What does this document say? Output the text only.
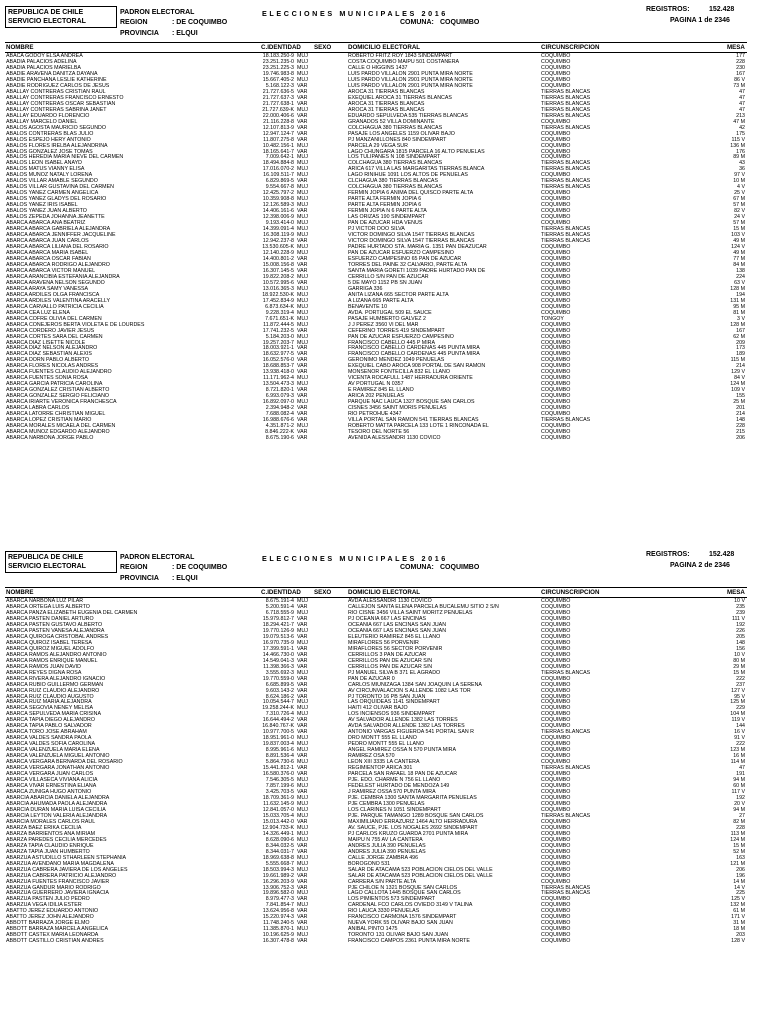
REPUBLICA DE CHILE
SERVICIO ELECTORAL
PADRON ELECTORAL
REGION	: DE COQUIMBO
PROVINCIA : ELQUI
ELECCIONES MUNICIPALES 2016
COMUNA: COQUIMBO
REGISTROS:	152.428
PAGINA 1 de 2346
NOMBRE	C.IDENTIDAD SEXO	DOMICILIO ELECTORAL	CIRCUNSCRIPCION	MESA
ABACA GODOY ELSA ANDREA	18.183.250-9 MUJ	ROBERTO FRITZ ROY 1843 SINDEMPART	COQUIMBO	177
ABADIA PALACIOS ADELINA	23.251.235-0 MUJ	COSTA COQUIMBO MAIPU 501 COSTANERA	COQUIMBO	228
ABADIA PALACIOS MARIELBA	23.251.225-3 MUJ	CALLE O HIGGINS 1437	COQUIMBO	230
ABADIE ARAVENA DANITZA DAYANA	19.746.983-8 MUJ	LUIS PARDO VILLALON 2901 PUNTA MIRA NORTE	COQUIMBO	167
ABADIE PANCHANA LESLIE KATHERINE	15.667.405-2 MUJ	LUIS PARDO VILLALON 2901 PUNTA MIRA NORTE	COQUIMBO	86 V
ABADIE RODRIGUEZ CARLOS DE JESUS	5.168.122-3 VAR	LUIS PARDO VILLALON 2901 PUNTA MIRA NORTE	COQUIMBO	73 M
ABALLAY CONTRERAS CRISTIAN RAUL	21.727.636-5 VAR	AROCA 31 TIERRAS BLANCAS	TIERRAS BLANCAS	47
ABALLAY CONTRERAS FRANCISCO ERNESTO	21.727.637-3 VAR	EXEQUIEL AROCA 31 TIERRAS BLANCAS	TIERRAS BLANCAS	47
ABALLAY CONTRERAS OSCAR SEBASTIAN	21.727.638-1 VAR	AROCA 31 TIERRAS BLANCAS	TIERRAS BLANCAS	47
ABALLAY CONTRERAS SABRINA JANET	21.727.639-K MUJ	AROCA 31 TIERRAS BLANCAS	TIERRAS BLANCAS	47
ABALLAY EDUARDO FLORENCIO	22.000.406-6 VAR	EDUARDO SEPULVEDA 535 TIERRAS BLANCAS	TIERRAS BLANCAS	213
ABALLAY MARCELO DANIEL	21.116.228-8 VAR	GRANADOS 52 VILLA DOMINANTE	COQUIMBO	47 M
ABALOS AGOSTA MAURICIO SEGUNDO	12.107.813-9 VAR	COLCHAGUA 380 TIERRAS BLANCAS	TIERRAS BLANCAS	42
ABALOS CONTRERAS BLAS JULIO	12.947.124-7 VAR	PASAJE LOS ANGELES 1159 OLIVAR BAJO	COQUIMBO	175
ABALOS ESPEJO HERY ANTONIO	11.807.275-8 VAR	PJ MANZANILLONES 840 SINDEMPART	COQUIMBO	115 V
ABALOS FLORES IRELBA ALEJANDRINA	10.482.156-1 MUJ	PARCELA 29 VEGA SUR	COQUIMBO	136 M
ABALOS GONZALEZ JOSE TOMAS	18.165.641-7 VAR	LAGO CHUNGARA 1815 PARCELA 16 ALTO PEÑUELAS	COQUIMBO	176
ABALOS HEREDIA MARIA NIEVE DEL CARMEN	7.009.642-1 MUJ	LOS TULIPANES N 108 SINDEMPART	COQUIMBO	89 M
ABALOS LEON ISABEL ANAYD	18.494.884-8 MUJ	COLCHAGUA 380 TIERRAS BLANCAS	TIERRAS BLANCAS	43
ABALOS MATUS VIANNY ELISA	17.016.070-2 MUJ	ARICA 617 VILLA LAS MARGARITAS TIERRAS BLANCA	TIERRAS BLANCAS	36
ABALOS MUÑOZ NATALY LORENA	16.109.511-7 MUJ	LAGO RIÑIHUE 1091 LOS ALTOS DE PEÑUELAS	COQUIMBO	97 V
ABALOS VILLAR AMABLE SEGUNDO	6.829.869-5 VAR	CLCHAGUA 380 TIERRAS BLANCAS	TIERRAS BLANCAS	10 M
ABALOS VILLAR GUSTAVINA DEL CARMEN	9.554.667-8 MUJ	COLCHAGUA 380 TIERRAS BLANCAS	TIERRAS BLANCAS	4 V
ABALOS YAÑEZ CARMEN ANGELICA	12.425.797-2 MUJ	FERMIN JOPIA 6 ANIMA DEL QUISCO PARTE ALTA	COQUIMBO	25 V
ABALOS YAÑEZ GLADYS DEL ROSARIO	10.359.908-8 MUJ	PARTE ALTA FERMIN JOPIA 6	COQUIMBO	67 M
ABALOS YAÑEZ IRIS ISABEL	12.126.589-3 MUJ	PARTE ALTA FERMIN JOPIA 6	COQUIMBO	57 M
ABALOS YAÑEZ JUAN ALBERTO	14.406.161-6 VAR	FERMIN JOPIA N 6 PARTE ALTA	COQUIMBO	82 V
ABALOS ZEPEDA JOHANNA JEANETTE	12.398.006-9 MUJ	LAS ORIZAS 190 SINDEMPART	COQUIMBO	24 V
ABARCA ABARCA ANA BEATRIZ	9.193.414-0 MUJ	PAN DE AZUCAR HDA VENUS	COQUIMBO	57 M
ABARCA ABARCA GABRIELA ALEJANDRA	14.399.091-4 MUJ	PJ VICTOR DOO SILVA	TIERRAS BLANCAS	15 M
ABARCA ABARCA JENNIFFER JACQUELINE	16.308.119-9 MUJ	VICTOR DOMINGO SILVA 1547 TIERRAS BLANCAS	TIERRAS BLANCAS	103 V
ABARCA ABARCA JUAN CARLOS	12.942.237-8 VAR	VICTOR DOMINGO SILVA 1547 TIERRAS BLANCAS	TIERRAS BLANCAS	49 M
ABARCA ABARCA LILIANA DEL ROSARIO	13.530.605-K MUJ	PADRE HURTADO STA. MARIA G. 1351 PAN DEAZUCAR	COQUIMBO	124 V
ABARCA ABARCA MARIA ISABEL	12.140.228-9 MUJ	PAN DE AZUCAR ESFUERZO CAMPESINO	COQUIMBO	49 M
ABARCA ABARCA OSCAR FABIAN	14.400.801-2 VAR	ESFUERZO CAMPESINO 65 PAN DE AZUCAR	COQUIMBO	77 M
ABARCA ABARCA RODRIGO ALEJANDRO	15.008.156-8 VAR	TORRES DEL PAINE 32 CALVARIO, PARTE ALTA	COQUIMBO	84 M
ABARCA ABARCA VICTOR MANUEL	16.307.145-5 VAR	SANTA MARIA GORETI 1039 PADRE HURTADO PAN DE	COQUIMBO	138
ABARCA ARANCIBIA ESTEFANIA ALEJANDRA	19.822.208-2 MUJ	CERRILLO S/N PAN DE AZUCAR	COQUIMBO	224
ABARCA ARAVENA NELSON SEGUNDO	10.572.995-6 VAR	5 DE MAYO 1152 PB SN JUAN	COQUIMBO	63 V
ABARCA ARAYA SAMY VANESSA	13.016.365-3 MUJ	GARRIGA 336	COQUIMBO	128 M
ABARCA ARDILES OLGA FRANCISCA	18.922.530-K MUJ	ANITA LIZANA 665 SECTOR PARTE ALTA	COQUIMBO	194
ABARCA ARDILES VALENTINA ARACELLY	17.452.834-9 MUJ	A LIZANA 665 PARTE ALTA	COQUIMBO	131 M
ABARCA CARVALLO PATRICIA CECILIA	6.873.634-K MUJ	BENAVENTE 10	COQUIMBO	95 M
ABARCA CEA LUZ ELENA	9.228.319-4 MUJ	AVDA. PORTUGAL 509 EL SAUCE	COQUIMBO	81 M
ABARCA COFRE OLIVIA DEL CARMEN	7.671.651-K MUJ	PASAJE HUMBERTO GALVEZ 2	TONGOY	3 V
ABARCA CONEJEROS BERTA VIOLETA E DE LOURDES	11.872.444-5 MUJ	J J PEREZ 3560 VI DEL MAR	COQUIMBO	128 M
ABARCA CORDERO JAVIER JESUS	17.741.232-5 VAR	CEFERINO TORRES 419 SINDEMPART	COQUIMBO	167
ABARCA CORTES SARA DEL CARMEN	5.184.203-0 MUJ	PAN DE AZUCAR ESFUERZO CAMPESINO	COQUIMBO	62 M
ABARCA DIAZ LISETTE NICOLE	19.257.203-7 MUJ	FRANCISCO CABELLO 445 P MIRA	COQUIMBO	209
ABARCA DIAZ NELSON ALEJANDRO	18.003.921-1 VAR	FRANCISCO CABELLO CARDENAS 445 PUNTA MIRA	COQUIMBO	173
ABARCA DIAZ SEBASTIAN ALEXIS	18.632.977-5 VAR	FRANCISCO CABELLO CARDENAS 445 PUNTA MIRA	COQUIMBO	189
ABARCA DORN PABLO ALBERTO	16.052.576-0 VAR	GERONIMO MENDEZ 1049 PEÑUELAS	COQUIMBO	115 M
ABARCA FLORES NICOLAS ANDRES	18.688.853-7 VAR	EXEQUIEL CABO AROCA 908 PORTAL DE SAN RAMON	COQUIMBO	214
ABARCA FUENTES CLAUDIO ALEJANDRO	13.938.418-0 VAR	MONSEÑOR FONTECILLA 832 EL LLANO	COQUIMBO	129 V
ABARCA FUENTES SONIA ROSA	11.171.962-4 MUJ	VICENTA ROCAFULL 1487 HERRADURA ORIENTE	COQUIMBO	84 V
ABARCA GARCIA PATRICIA CAROLINA	13.504.473-3 MUJ	AV PORTUGAL N 0357	COQUIMBO	124 M
ABARCA GONZALEZ CRISTIAN ALBERTO	8.721.820-1 VAR	E RAMIREZ 845 EL LLANO	COQUIMBO	109 V
ABARCA GONZALEZ SERGIO FELICIANO	6.993.079-3 VAR	ARICA 202 PEÑUELAS	COQUIMBO	155
ABARCA IRIARTE VERONICA FRANCHESCA	16.892.097-0 MUJ	PARQUE NAC LAUCA 1327 BOSQUE SAN CARLOS	COQUIMBO	25 M
ABARCA LABRA CARLOS	2.394.948-2 VAR	CISNES 3456 SAINT MORIS PEÑUELAS	COQUIMBO	201
ABARCA LATORRE CHRISTIAN MIGUEL	7.688.082-4 VAR	RIO PETROHUE 4347	COQUIMBO	214
ABARCA LOPEZ CRISTIAN MARIO	16.988.676-6 VAR	VILLA PORTAL SAN RAMON 541 TIERRAS BLANCAS	TIERRAS BLANCAS	148
ABARCA MORALES MICAELA DEL CARMEN	4.351.871-2 MUJ	ROBERTO MATTA PARCELA 133 LOTE 1 RINCONADA EL	COQUIMBO	228
ABARCA MUÑOZ EDGARDO ALEJANDRO	8.846.222-K VAR	TESORO DEL NORTE 56	COQUIMBO	215
ABARCA NARBONA JORGE PABLO	8.675.190-6 VAR	AVENIDA ALESSANDRI 1130 COVICO	COQUIMBO	206
REPUBLICA DE CHILE
SERVICIO ELECTORAL
PADRON ELECTORAL
REGION	: DE COQUIMBO
PROVINCIA : ELQUI
ELECCIONES MUNICIPALES 2016
COMUNA: COQUIMBO
REGISTROS:	152.428
PAGINA 2 de 2346
NOMBRE	C.IDENTIDAD SEXO	DOMICILIO ELECTORAL	CIRCUNSCRIPCION	MESA
ABARCA NARBONA LUZ PILAR	8.675.191-4 MUJ	AVDA ALESSANDRI 1130 COVICO	COQUIMBO	10 V
ABARCA ORTEGA LUIS ALBERTO	5.200.591-4 VAR	CALLEJON SANTA ELENA PARCELA BUCALEMU SITIO 2 S/N	COQUIMBO	235
ABARCA PANZA ELIZABETH EUGENIA DEL CARMEN	6.718.555-9 MUJ	RIO CISNE 3456 VILLA SAINT MORITZ PEÑUELAS	COQUIMBO	239
ABARCA PASTEN DANIEL ARTURO	15.979.812-7 VAR	PJ OCEANIA 667 LAS ENCINAS	COQUIMBO	111 V
ABARCA PASTEN GUSTAVO ALBERTO	18.294.421-7 VAR	OCEANIA 667 LAS ENCINAS SAN JUAN	COQUIMBO	192
ABARCA PASTEN VANESA ALEJANDRA	19.770.126-9 MUJ	OCEANIA 667 LAS ENCINAS SAN JUAN	COQUIMBO	226
ABARCA QUIROGA CRISTOBAL ANDRES	19.079.513-6 VAR	ELEUTERIO RAMIREZ 845 EL LLANO	COQUIMBO	205
ABARCA QUIROZ ISABEL TERESA	16.970.735-9 MUJ	MIRAFLORES 56 PORVENIR	COQUIMBO	148
ABARCA QUIROZ MIGUEL ADOLFO	17.399.591-1 VAR	MIRAFLORES 56 SECTOR PORVENIR	COQUIMBO	156
ABARCA RAMOS ALEJANDRO ANTONIO	14.466.730-0 VAR	CERRILLOS 3 PAN DE AZUCAR	COQUIMBO	10 V
ABARCA RAMOS ENRIQUE MANUEL	14.549.041-3 VAR	CERRILLOS PAN DE AZUCAR S/N	COQUIMBO	80 M
ABARCA RAMOS JUAN DAVID	11.398.366-3 VAR	CERRILLOS PAN DE AZUCAR S/N	COQUIMBO	29 M
ABARCA REYES DIGNA ROSA	3.555.692-3 MUJ	PJ MANUEL SILVA B 371 EL AGRADO	TIERRAS BLANCAS	15 M
ABARCA RIVERA ALEJANDRO IGNACIO	19.770.559-0 VAR	PAN DE AZUCAR 0	COQUIMBO	222
ABARCA RUBIO GUILLERMO GERMAN	6.685.899-5 VAR	CARLOS MIUNIZAGA 1384 SAN JOAQUIN LA SERENA	COQUIMBO	237
ABARCA RUIZ CLAUDIO ALEJANDRO	9.603.143-2 VAR	AV CIRCUNVALACION S ALLENDE 1082 LAS TOR	COQUIMBO	127 V
ABARCA RUIZ CLAUDIO AUGUSTO	8.624.186-2 VAR	PJ TORONTO 16 PB SAN JUAN	COQUIMBO	95 V
ABARCA RUIZ MARIA ALEJANDRA	10.054.544-7 MUJ	LAS ORQUIDEAS 1141 SINDEMPART	COQUIMBO	125 M
ABARCA SEGOVIA NENEY MELISA	19.258.244-K MUJ	HAITI 412 OLIVAR BAJO	COQUIMBO	229
ABARCA SEPULVEDA MARIA CRISINA	7.310.726-4 MUJ	LOS INCIENSOS 936 SINDEMPART	COQUIMBO	104 M
ABARCA TAPIA DIEGO ALEJANDRO	16.644.494-2 VAR	AV SALVADOR ALLENDE 1382 LAS TORRES	COQUIMBO	119 V
ABARCA TAPIA PABLO SALVADOR	16.840.767-K VAR	AVDA SALVADOR ALLENDE 1382 LAS TORRES	COQUIMBO	144
ABARCA TORO JOSE ABRAHAM	10.977.700-5 VAR	ANTONIO VARGAS FIGUEROA 541 PORTAL SAN R	TIERRAS BLANCAS	16 V
ABARCA VALDES SANDRA PAOLA	18.951.961-0 MUJ	DRO MONTT 555 EL LLANO	COQUIMBO	91 V
ABARCA VALDES SOFIA CAROLINA	19.837.003-4 MUJ	PEDRO MONTT 555 EL LLANO	COQUIMBO	222
ABARCA VALENZUELA MARIA ELENA	8.995.961-6 MUJ	ANGEL RAMIREZ OSSA N 570 PUNTA MIRA	COQUIMBO	123 M
ABARCA VALENZUELA MIGUEL ANTONIO	8.891.536-4 VAR	RAMIREZ OSA 570	COQUIMBO	16 M
ABARCA VERGARA BERNARDA DEL ROSARIO	5.864.730-6 MUJ	LEON XIII 3335 LA CANTERA	COQUIMBO	114 M
ABARCA VERGARA JONATHAN ANTONIO	15.441.812-1 VAR	REGIMIENTOP ARICA 301	TIERRAS BLANCAS	47
ABARCA VERGARA JUAN CARLOS	16.580.376-0 VAR	PARCELA SAN RAFAEL 18 PAN DE AZUCAR	COQUIMBO	191
ABARCA VILLASECA VIVIANA ALICIA	7.546.305-5 MUJ	PJE. EDO. CHARME N 756 EL LLANO	COQUIMBO	94 M
ABARCA VIVAR ERNESTINA ELIANA	7.857.199-6 MUJ	FEDELEST HURTADO DE MENDOZA 149	COQUIMBO	60 M
ABARCA ZUÑIGA HUGO ANTONIO	3.425.703-5 VAR	J RAMIREZ OSSA 570 PUNTA MIRA	COQUIMBO	117 V
ABARCIA ABARCIA DANIELA ALEJANDRA	18.709.361-9 MUJ	PJE. CEMBRA 1300 SANTA MARGARITA PEÑUELAS	COQUIMBO	192
ABARCIA AHUMADA PAOLA ALEJANDRA	11.632.145-9 MUJ	PJE CEMBRA 1300 PEÑUELAS	COQUIMBO	20 V
ABARCIA DURAN MARIA LUISA CECILIA	12.841.057-0 MUJ	LOS CLARINES N 1051 SINDEMPART	COQUIMBO	94 M
ABARCIA LEYTON VALERIA ALEJANDRA	15.033.705-4 MUJ	PJE. PARQUE TAMANGO 1289 BOSQUE SAN CARLOS	TIERRAS BLANCAS	27
ABARCIA MORALES CARLOS RAUL	15.013.442-0 VAR	MAXIMILIANO ERRAZURIZ 1464 ALTO HERRADURA	COQUIMBO	82 M
ABARZA BAEZ ERIKA CECILIA	12.904.733-K MUJ	AV. SAUCE, PJE. LOS NOGALES 2692 SINDEMPART	COQUIMBO	228
ABARZA BARRIENTOS ANA MIRIAM	14.326.449-1 MUJ	PJ CARLOS KRUZO GUARDA 2701 PUNTA MIRA	COQUIMBO	113 M
ABARZA PAREDES CECILIA MERCEDES	8.628.090-6 MUJ	MAIPU N 755 AV LA CANTERA	COQUIMBO	124 M
ABARZA TAPIA CLAUDIO ENRIQUE	8.344.032-5 VAR	ANDRES JULIA 390 PEÑUELAS	COQUIMBO	15 M
ABARZA TAPIA JUAN HUMBERTO	8.344.031-7 VAR	ANDRES JULIA 390 PEÑUELAS	COQUIMBO	52 M
ABARZUA ASTUDILLO STHARLEEN STEPHANIA	18.969.638-8 MUJ	CALLE JORGE ZAMBRA 496	COQUIMBO	163
ABARZUA AVENDAÑO MARIA MAGDALENA	5.555.668-7 MUJ	BOROGOÑO 531	COQUIMBO	121 M
ABARZUA CABRERA JAVIERA DE LOS ANGELES	18.503.994-3 MUJ	SALAR DE ATACAMA 523 POBLACION CIELOS DEL VALLE	COQUIMBO	206
ABARZUA CABRERA PATRICIO ALEJANDRO	19.661.989-2 VAR	SALAR DE ATACAMA 523 POBLACION CIELOS DEL VALLE	COQUIMBO	196
ABARZUA FUENTES FRANCISCO JAVIER	16.296.203-9 VAR	CARRERA S/N PARTE ALTA	COQUIMBO	14 M
ABARZUA GANDUR MARIO RODRIGO	13.906.752-3 VAR	PJE CHILOE N 1321 BOSQUE SAN CARLOS	TIERRAS BLANCAS	14 V
ABARZUA GUERRERO JAVIERA IGNACIA	19.896.582-0 MUJ	LAGO CALLOTA 1445 BOSQUE SAN CARLOS	TIERRAS BLANCAS	225
ABARZUA PASTEN JULIO PEDRO	8.979.477-3 VAR	LOS PIMIENTOS 573 SINDEMPART	COQUIMBO	125 V
ABARZUA VEGA IDILIA ESTER	7.841.854-7 MUJ	CARDENAL FCO CARLOS OVIEDO 3149 V TALINA	COQUIMBO	132 M
ABATTO JEREZ EDUARDO ANTONIO	13.624.956-8 VAR	RIO LAUCA 3330 PEÑUELAS	COQUIMBO	61 M
ABATTO JEREZ JOHN ALEJANDRO	15.220.974-3 VAR	FRANCISCO CARMONA 1576 SINDEMPART	COQUIMBO	171 V
ABBOTT BARRAZA JORGE ELMO	11.748.240-5 VAR	NUEVA YORK 55 OLIVAR BAJO SAN JUAN	COQUIMBO	31 M
ABBOTT BARRAZA MARCELA ANGELICA	11.385.870-1 MUJ	ANIBAL PINTO 1475	COQUIMBO	18 M
ABBOTT CASTEX MARIA LEONARDA	10.196.625-9 MUJ	TORONTO 131 OLIVAR BAJO SAN JUAN	COQUIMBO	203
ABBOTT CASTILLO CRISTIAN ANDRES	16.307.478-8 VAR	FRANCISCO CAMPOS 2361 PUNTA MIRA NORTE	COQUIMBO	128 V
